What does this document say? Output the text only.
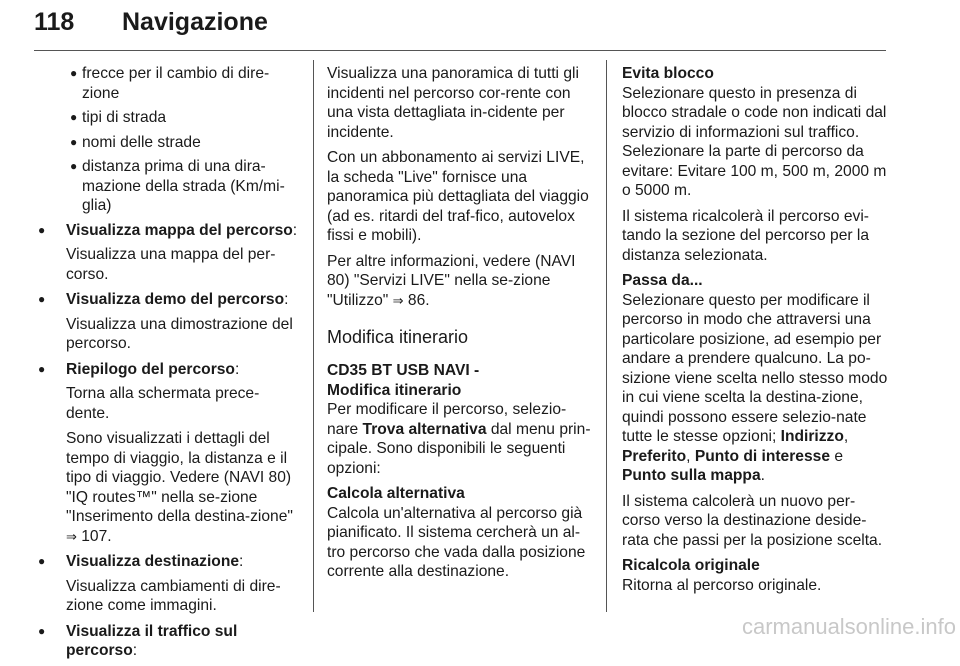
118 Navigazione
● frecce per il cambio di dire-zione
● tipi di strada
● nomi delle strade
● distanza prima di una dira-mazione della strada (Km/mi-glia)
●	Visualizza mappa del percorso:

Visualizza una mappa del per-corso.

●	Visualizza demo del percorso:

Visualizza una dimostrazione del percorso.

●	Riepilogo del percorso:

Torna alla schermata prece-dente.

Sono visualizzati i dettagli del tempo di viaggio, la distanza e il tipo di viaggio. Vedere (NAVI 80) "IQ routes™" nella se-zione "Inserimento della destina-zione" ⇒ 107.

●	Visualizza destinazione:

Visualizza cambiamenti di dire-zione come immagini.

●	Visualizza il traffico sul percorso:

Visualizza una panoramica di tutti gli incidenti nel percorso cor-rente con una vista dettagliata in-cidente per incidente.

Con un abbonamento ai servizi LIVE, la scheda "Live" fornisce una panoramica più dettagliata del viaggio (ad es. ritardi del traf-fico, autovelox fissi e mobili).

Per altre informazioni, vedere (NAVI 80) "Servizi LIVE" nella se-zione "Utilizzo" ⇒ 86.

Modifica itinerario
CD35 BT USB NAVI -
Modifica itinerario

Per modificare il percorso, selezio-nare Trova alternativa dal menu prin-cipale. Sono disponibili le seguenti opzioni:

Calcola alternativa

Calcola un'alternativa al percorso già pianificato. Il sistema cercherà un al-tro percorso che vada dalla posizione corrente alla destinazione.

Evita blocco

Selezionare questo in presenza di blocco stradale o code non indicati dal servizio di informazioni sul traffico. Selezionare la parte di percorso da evitare: Evitare 100 m, 500 m, 2000 m o 5000 m.

Il sistema ricalcolerà il percorso evi-tando la sezione del percorso per la distanza selezionata.

Passa da...

Selezionare questo per modificare il percorso in modo che attraversi una particolare posizione, ad esempio per andare a prendere qualcuno. La po-sizione viene scelta nello stesso modo in cui viene scelta la destina-zione, quindi possono essere selezio-nate tutte le stesse opzioni; Indirizzo, Preferito, Punto di interesse e Punto sulla mappa.

Il sistema calcolerà un nuovo per-corso verso la destinazione deside-rata che passi per la posizione scelta.

Ricalcola originale

Ritorna al percorso originale.

carmanualsonline.info
